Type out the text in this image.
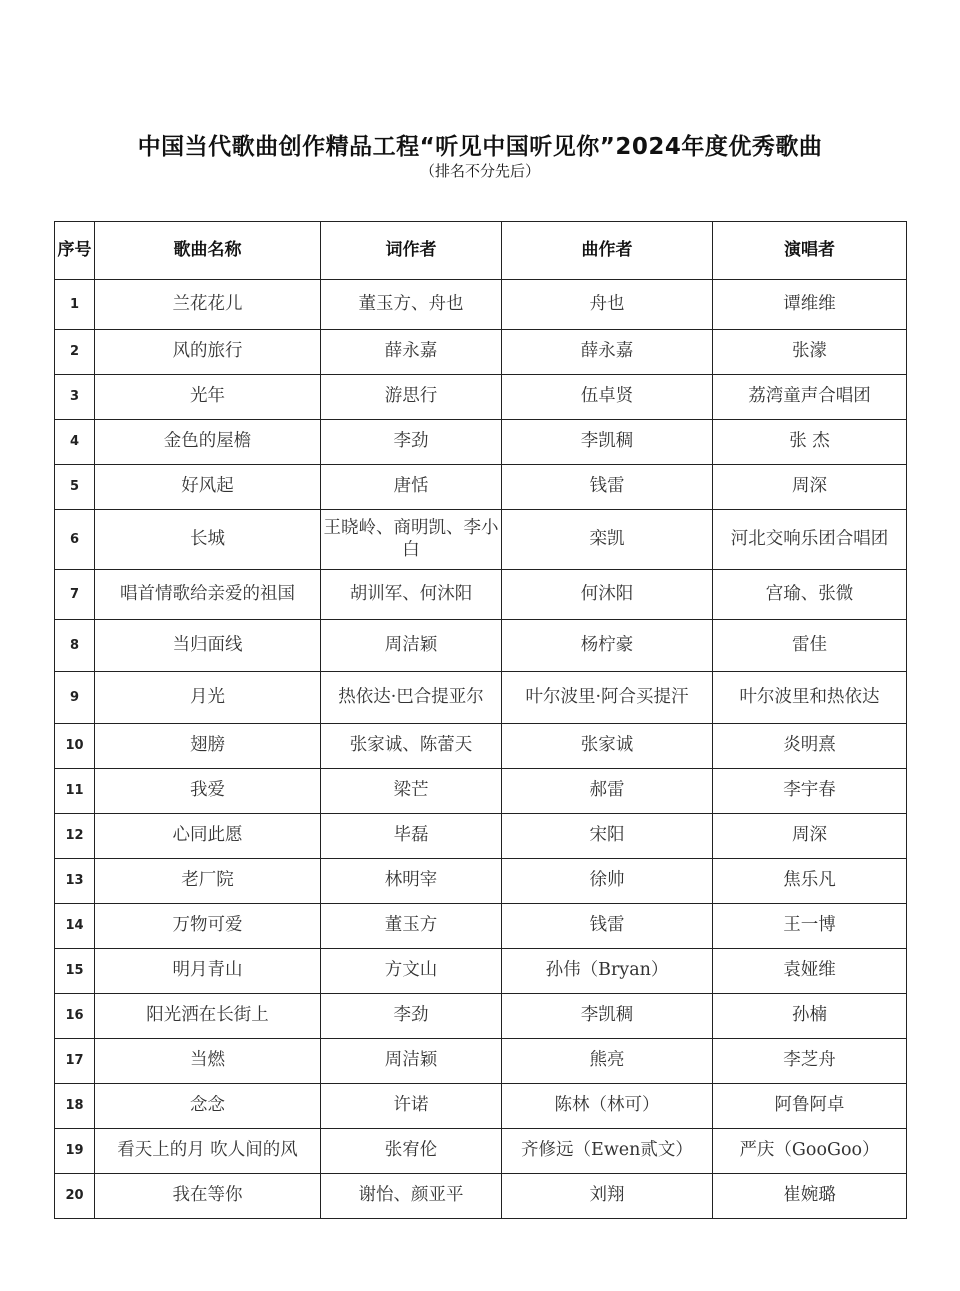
中国当代歌曲创作精品工程“听见中国听见你”2024年度优秀歌曲
（排名不分先后）
序号	歌曲名称	词作者	曲作者	演唱者
1	兰花花儿	董玉方、舟也	舟也	谭维维
2	风的旅行	薛永嘉	薛永嘉	张濛
3	光年	游思行	伍卓贤	荔湾童声合唱团
4	金色的屋檐	李劲	李凯稠	张 杰
5	好风起	唐恬	钱雷	周深
6	长城	王晓岭、商明凯、李小白	栾凯	河北交响乐团合唱团
7	唱首情歌给亲爱的祖国	胡训军、何沐阳	何沐阳	宫瑜、张微
8	当归面线	周洁颖	杨柠豪	雷佳
9	月光	热依达·巴合提亚尔	叶尔波里·阿合买提汗	叶尔波里和热依达
10	翅膀	张家诚、陈蕾天	张家诚	炎明熹
11	我爱	梁芒	郝雷	李宇春
12	心同此愿	毕磊	宋阳	周深
13	老厂院	林明宰	徐帅	焦乐凡
14	万物可爱	董玉方	钱雷	王一博
15	明月青山	方文山	孙伟（Bryan）	袁娅维
16	阳光洒在长街上	李劲	李凯稠	孙楠
17	当燃	周洁颖	熊亮	李芝舟
18	念念	许诺	陈林（林可）	阿鲁阿卓
19	看天上的月 吹人间的风	张宥伦	齐修远（Ewen贰文）	严庆（GooGoo）
20	我在等你	谢怡、颜亚平	刘翔	崔婉璐
